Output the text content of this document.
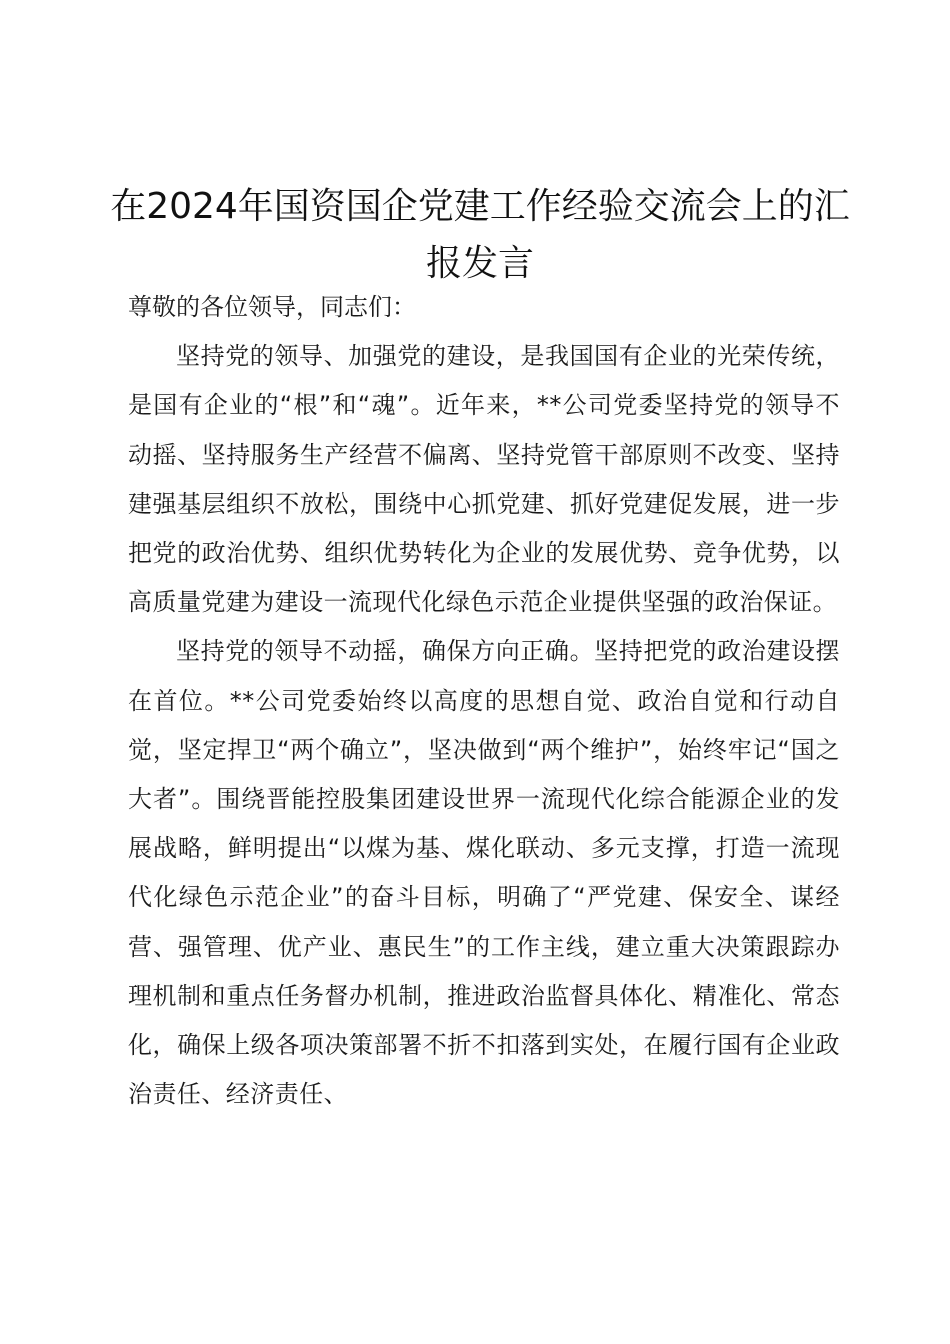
在2024年国资国企党建工作经验交流会上的汇报发言

尊敬的各位领导，同志们：

坚持党的领导、加强党的建设，是我国国有企业的光荣传统，是国有企业的“根”和“魂”。近年来，**公司党委坚持党的领导不动摇、坚持服务生产经营不偏离、坚持党管干部原则不改变、坚持建强基层组织不放松，围绕中心抓党建、抓好党建促发展，进一步把党的政治优势、组织优势转化为企业的发展优势、竞争优势，以高质量党建为建设一流现代化绿色示范企业提供坚强的政治保证。

坚持党的领导不动摇，确保方向正确。坚持把党的政治建设摆在首位。**公司党委始终以高度的思想自觉、政治自觉和行动自觉，坚定捍卫“两个确立”，坚决做到“两个维护”，始终牢记“国之大者”。围绕晋能控股集团建设世界一流现代化综合能源企业的发展战略，鲜明提出“以煤为基、煤化联动、多元支撑，打造一流现代化绿色示范企业”的奋斗目标，明确了“严党建、保安全、谋经营、强管理、优产业、惠民生”的工作主线，建立重大决策跟踪办理机制和重点任务督办机制，推进政治监督具体化、精准化、常态化，确保上级各项决策部署不折不扣落到实处，在履行国有企业政治责任、经济责任、
